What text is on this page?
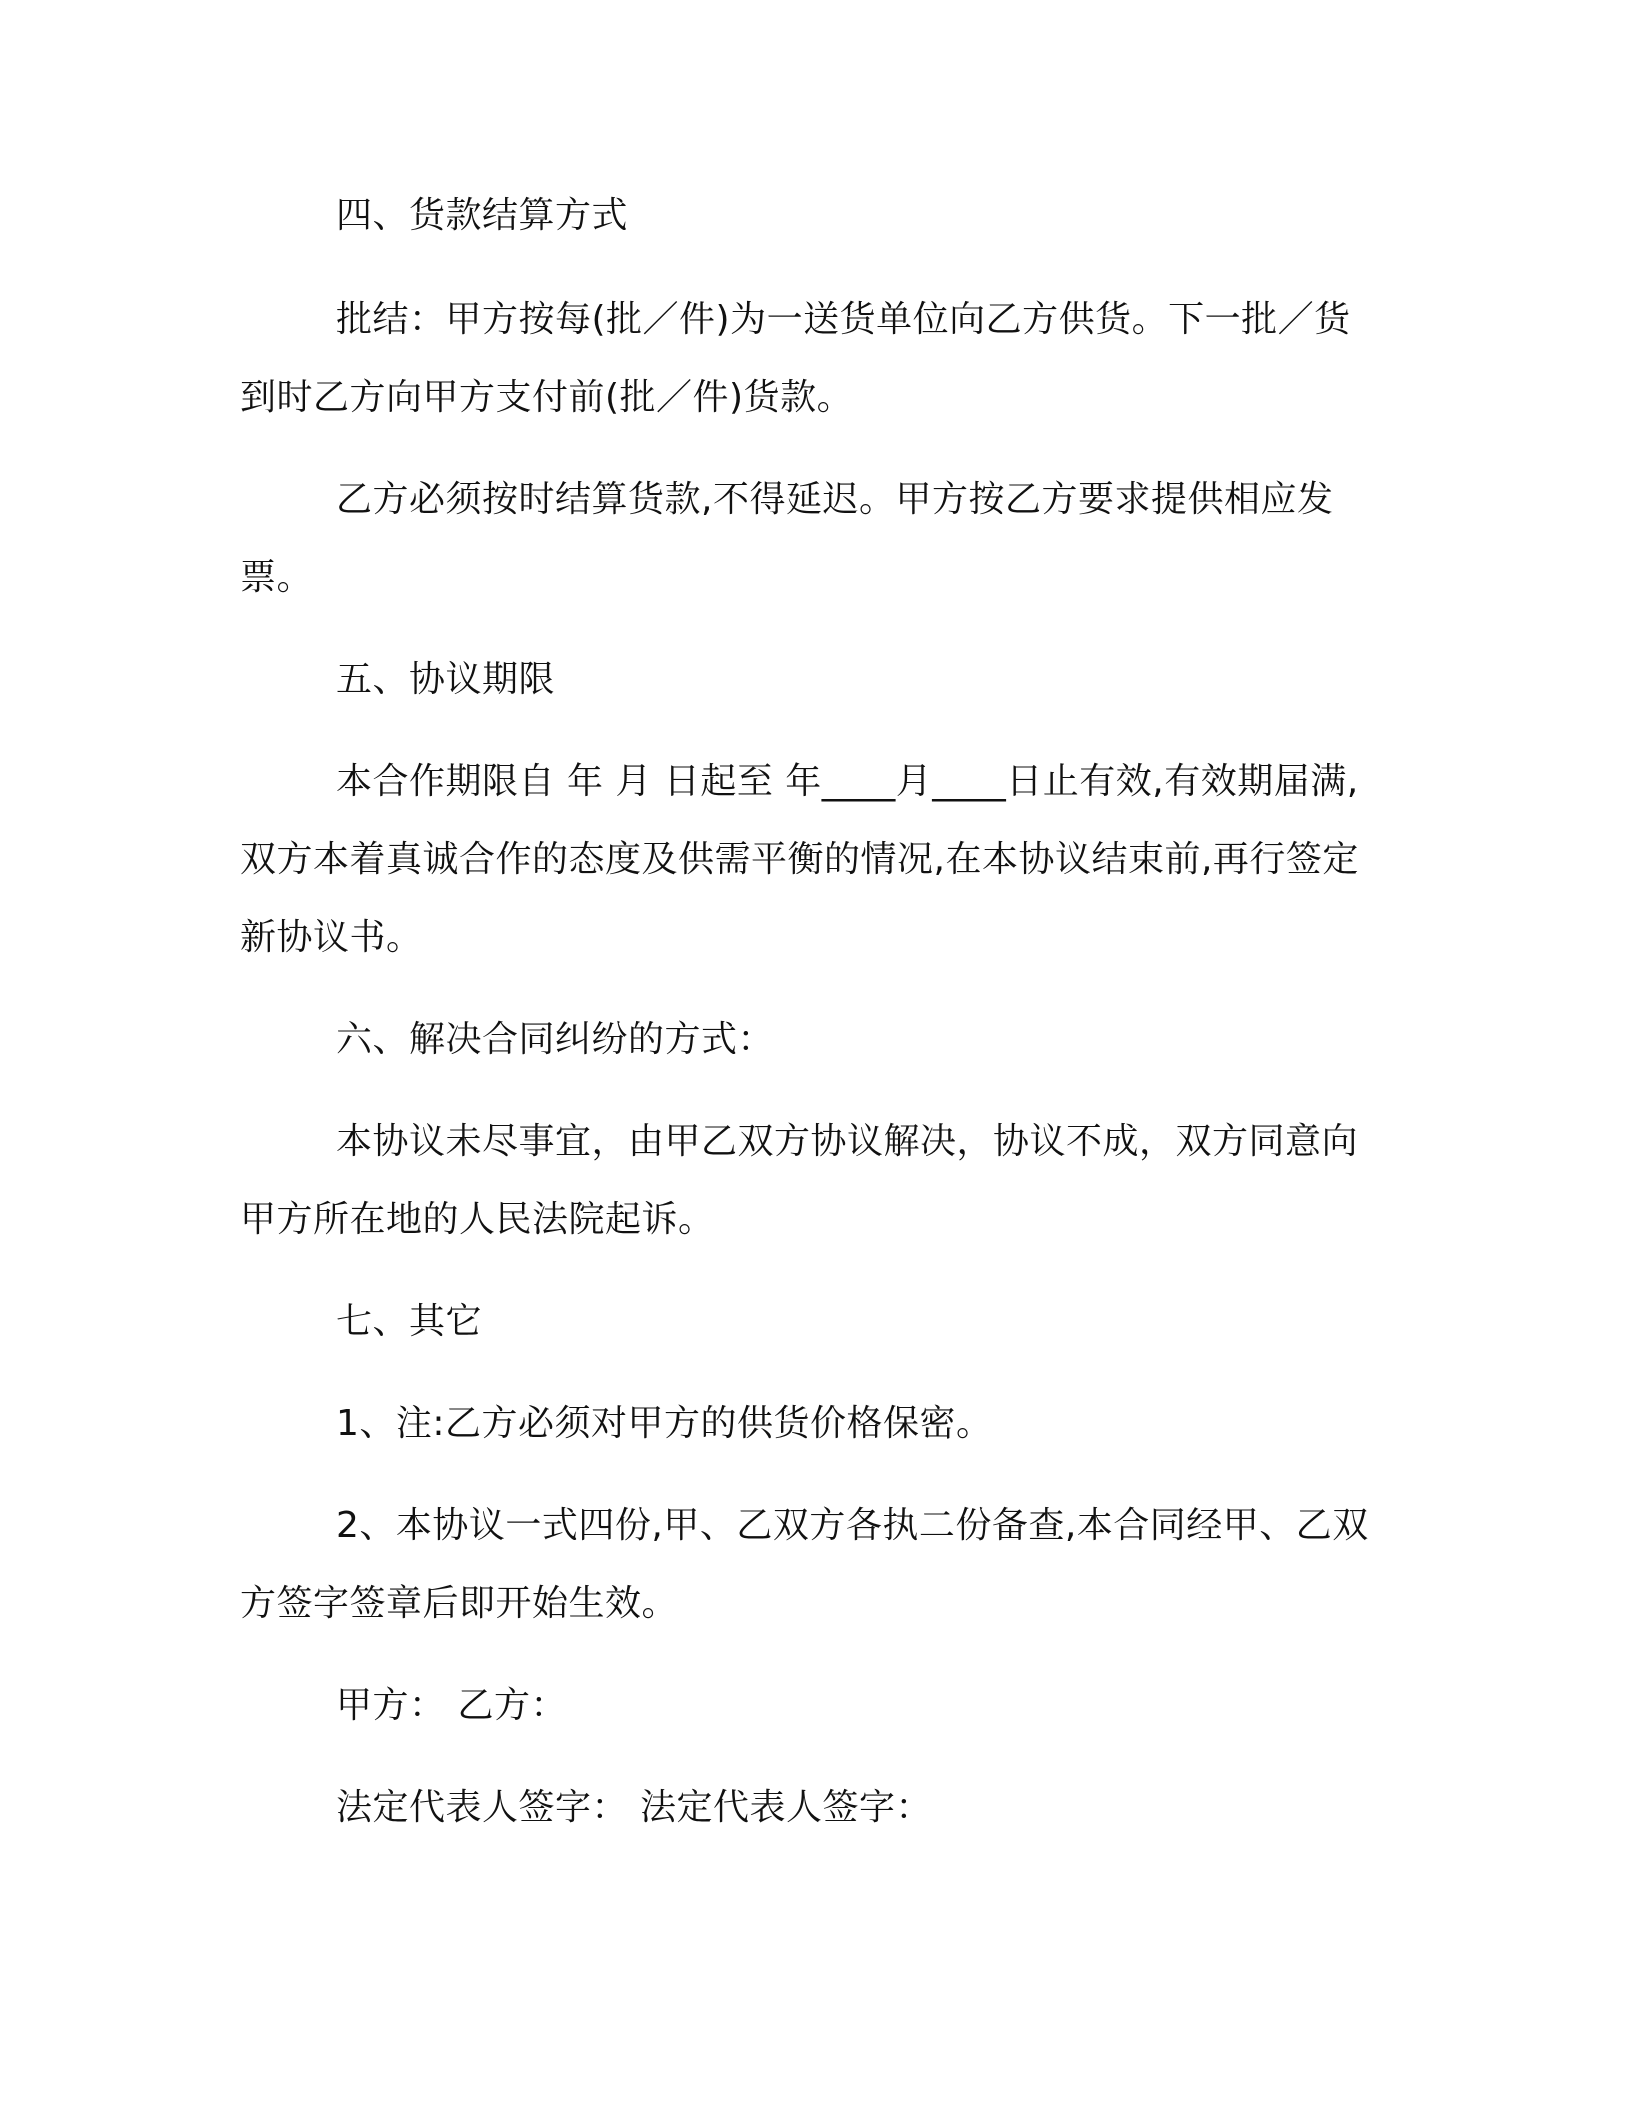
四、货款结算方式
批结：甲方按每(批／件)为一送货单位向乙方供货。下一批／货
到时乙方向甲方支付前(批／件)货款。
乙方必须按时结算货款,不得延迟。甲方按乙方要求提供相应发
票。
五、协议期限
本合作期限自 年 月 日起至 年____月____日止有效,有效期届满,
双方本着真诚合作的态度及供需平衡的情况,在本协议结束前,再行签定
新协议书。
六、解决合同纠纷的方式：
本协议未尽事宜，由甲乙双方协议解决，协议不成，双方同意向
甲方所在地的人民法院起诉。
七、其它
1、注:乙方必须对甲方的供货价格保密。
2、本协议一式四份,甲、乙双方各执二份备查,本合同经甲、乙双
方签字签章后即开始生效。
甲方： 乙方：
法定代表人签字： 法定代表人签字：
